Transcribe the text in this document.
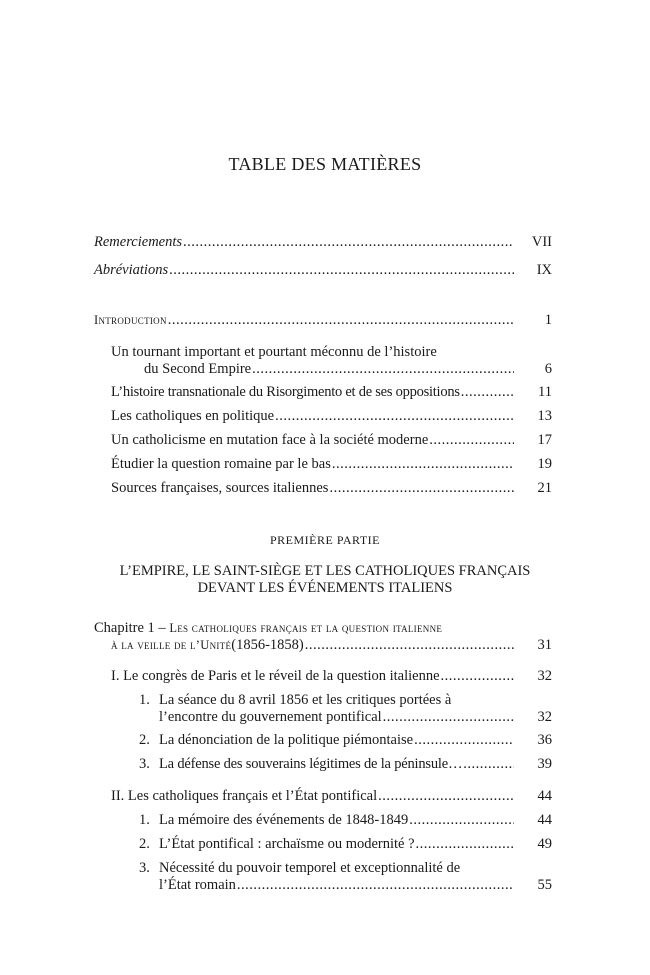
TABLE DES MATIÈRES
Remerciements .....	VII
Abréviations .....	IX
Introduction .....	1
Un tournant important et pourtant méconnu de l’histoire
du Second Empire .....	6
L’histoire transnationale du Risorgimento et de ses oppositions .....	11
Les catholiques en politique .....	13
Un catholicisme en mutation face à la société moderne .....	17
Étudier la question romaine par le bas .....	19
Sources françaises, sources italiennes .....	21
PREMIÈRE PARTIE
L’EMPIRE, LE SAINT-SIÈGE ET LES CATHOLIQUES FRANÇAIS
DEVANT LES ÉVÉNEMENTS ITALIENS
Chapitre 1 – Les catholiques français et la question italienne
à la veille de l’Unité (1856-1858) .....	31
I. Le congrès de Paris et le réveil de la question italienne .....	32
1. La séance du 8 avril 1856 et les critiques portées à
l’encontre du gouvernement pontifical .....	32
2. La dénonciation de la politique piémontaise .....	36
3. La défense des souverains légitimes de la péninsule… .....	39
II. Les catholiques français et l’État pontifical .....	44
1. La mémoire des événements de 1848-1849 .....	44
2. L’État pontifical : archaïsme ou modernité ? .....	49
3. Nécessité du pouvoir temporel et exceptionnalité de
l’État romain .....	55
